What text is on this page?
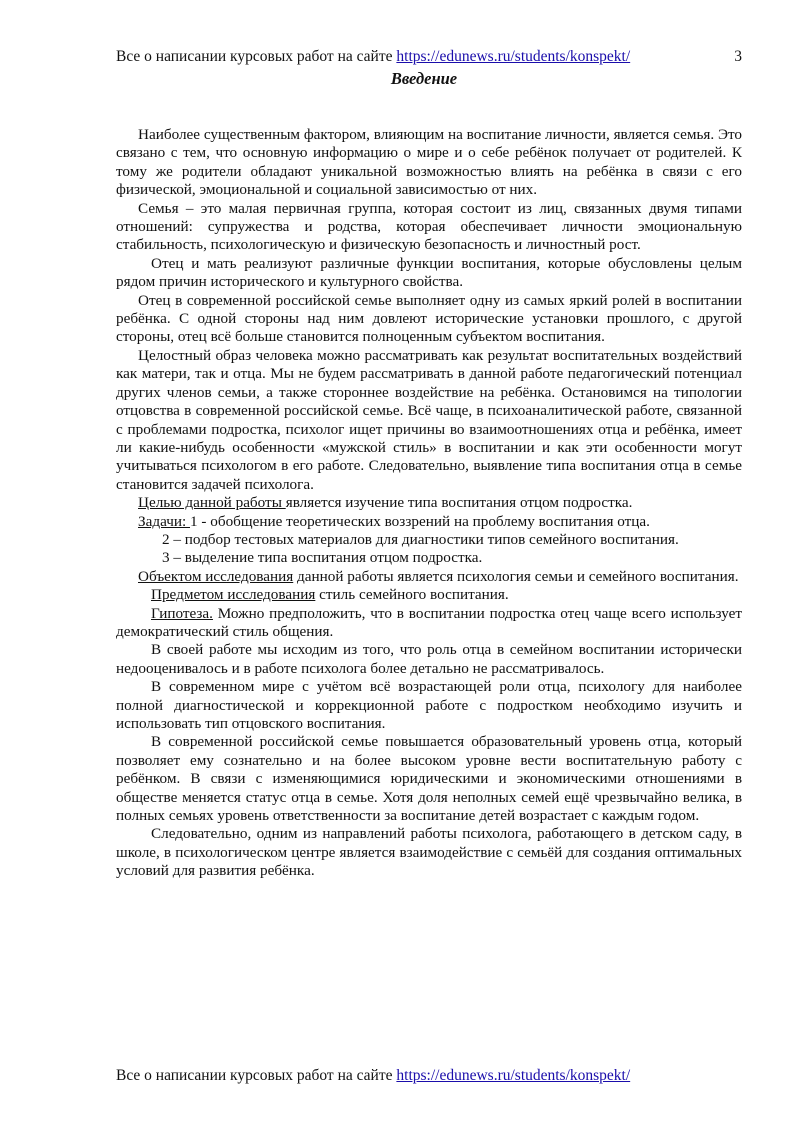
Все о написании курсовых работ на сайте https://edunews.ru/students/konspekt/	3
Введение

Наиболее существенным фактором, влияющим на воспитание личности, является семья. Это связано с тем, что основную информацию о мире и о себе ребёнок получает от родителей. К тому же родители обладают уникальной возможностью влиять на ребёнка в связи с его физической, эмоциональной и социальной зависимостью от них.

Семья – это малая первичная группа, которая состоит из лиц, связанных двумя типами отношений: супружества и родства, которая обеспечивает личности эмоциональную стабильность, психологическую и физическую безопасность и личностный рост.

Отец и мать реализуют различные функции воспитания, которые обусловлены целым рядом причин исторического и культурного свойства.

Отец в современной российской семье выполняет одну из самых яркий ролей в воспитании ребёнка. С одной стороны над ним довлеют исторические установки прошлого, с другой стороны, отец всё больше становится полноценным субъектом воспитания.

Целостный образ человека можно рассматривать как результат воспитательных воздействий как матери, так и отца. Мы не будем рассматривать в данной работе педагогический потенциал других членов семьи, а также стороннее воздействие на ребёнка. Остановимся на типологии отцовства в современной российской семье. Всё чаще, в психоаналитической работе, связанной с проблемами подростка, психолог ищет причины во взаимоотношениях отца и ребёнка, имеет ли какие-нибудь особенности «мужской стиль» в воспитании и как эти особенности могут учитываться психологом в его работе. Следовательно, выявление типа воспитания отца в семье становится задачей психолога.

Целью данной работы является изучение типа воспитания отцом подростка.

Задачи: 1 - обобщение теоретических воззрений на проблему воспитания отца.

2 – подбор тестовых материалов для диагностики типов семейного воспитания.

3 – выделение типа воспитания отцом подростка.

Объектом исследования данной работы является психология семьи и семейного воспитания.

Предметом исследования стиль семейного воспитания.

Гипотеза. Можно предположить, что в воспитании подростка отец чаще всего использует демократический стиль общения.

В своей работе мы исходим из того, что роль отца в семейном воспитании исторически недооценивалось и в работе психолога более детально не рассматривалось.

В современном мире с учётом всё возрастающей роли отца, психологу для наиболее полной диагностической и коррекционной работе с подростком необходимо изучить и использовать тип отцовского воспитания.

В современной российской семье повышается образовательный уровень отца, который позволяет ему сознательно и на более высоком уровне вести воспитательную работу с ребёнком. В связи с изменяющимися юридическими и экономическими отношениями в обществе меняется статус отца в семье. Хотя доля неполных семей ещё чрезвычайно велика, в полных семьях уровень ответственности за воспитание детей возрастает с каждым годом.

Следовательно, одним из направлений работы психолога, работающего в детском саду, в школе, в психологическом центре является взаимодействие с семьёй для создания оптимальных условий для развития ребёнка.

Все о написании курсовых работ на сайте https://edunews.ru/students/konspekt/
